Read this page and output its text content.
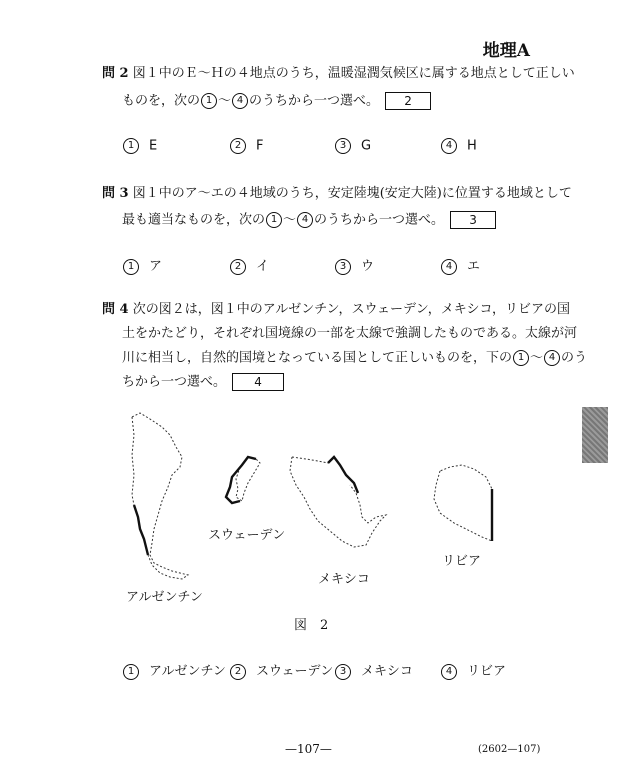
地理A
問 2 図１中のＥ～Ｈの４地点のうち，温暖湿潤気候区に属する地点として正しい
ものを，次の 1 ～ 4 のうちから一つ選べ。 2
1 E	2 F	3 G	4 H
問 3 図１中のア～エの４地域のうち，安定陸塊(安定大陸)に位置する地域として
最も適当なものを，次の 1 ～ 4 のうちから一つ選べ。 3
1 ア	2 イ	3 ウ	4 エ
問 4 次の図２は，図１中のアルゼンチン，スウェーデン，メキシコ，リビアの国
土をかたどり，それぞれ国境線の一部を太線で強調したものである。太線が河
川に相当し，自然的国境となっている国として正しいものを，下の 1 ～ 4 のう
ちから一つ選べ。 4
スウェーデン
アルゼンチン
メキシコ
リビア
図　2
1 アルゼンチン 2 スウェーデン 3 メキシコ	4 リビア
—107—	(2602—107)
